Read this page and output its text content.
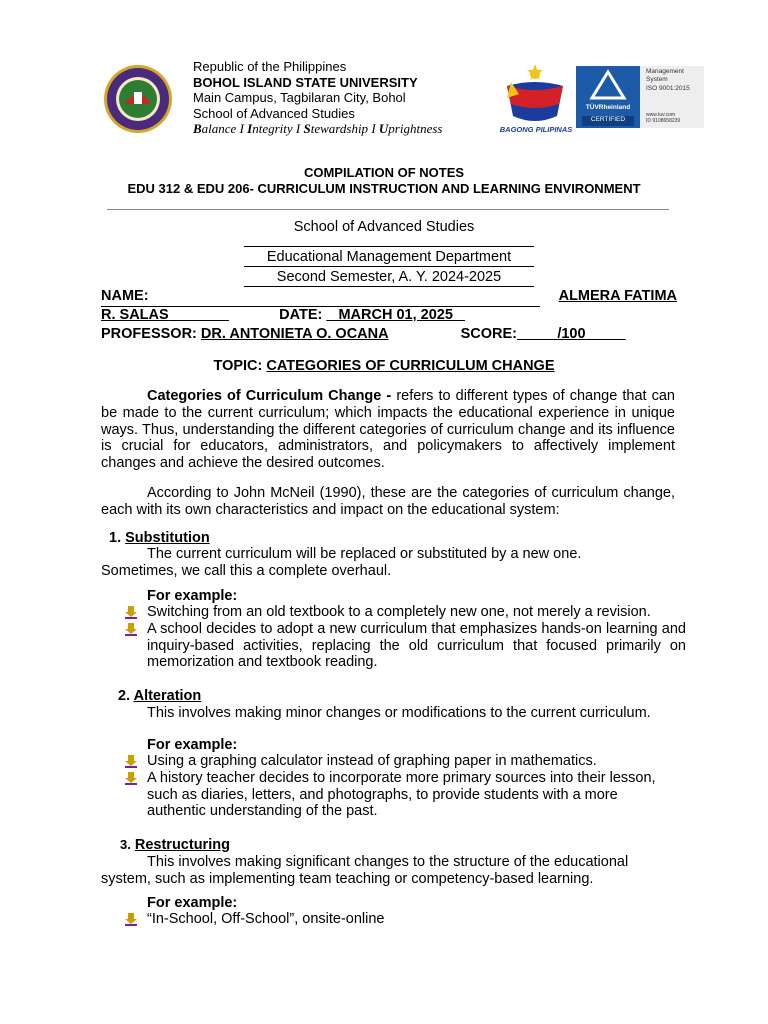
BAGONG PILIPINAS
TÜVRheinland
CERTIFIED
Management
System
ISO 9001:2015
www.tuv.com
ID 9108658239
Republic of the Philippines
BOHOL ISLAND STATE UNIVERSITY
Main Campus, Tagbilaran City, Bohol
School of Advanced Studies
Balance I Integrity I Stewardship I Uprightness
COMPILATION OF NOTES
EDU 312 & EDU 206- CURRICULUM INSTRUCTION AND LEARNING ENVIRONMENT
School of Advanced Studies
Educational Management Department
Second Semester, A. Y. 2024-2025
NAME:	ALMERA FATIMA
R. SALAS	DATE: MARCH 01, 2025
PROFESSOR: DR. ANTONIETA O. OCANA	SCORE:	/100
TOPIC: CATEGORIES OF CURRICULUM CHANGE
Categories of Curriculum Change - refers to different types of change that can be made to the current curriculum; which impacts the educational experience in unique ways. Thus, understanding the different categories of curriculum change and its influence is crucial for educators, administrators, and policymakers to affectively implement changes and achieve the desired outcomes.
According to John McNeil (1990), these are the categories of curriculum change, each with its own characteristics and impact on the educational system:
1. Substitution
The current curriculum will be replaced or substituted by a new one.
Sometimes, we call this a complete overhaul.
For example:
Switching from an old textbook to a completely new one, not merely a revision.
A school decides to adopt a new curriculum that emphasizes hands-on learning and inquiry-based activities, replacing the old curriculum that focused primarily on memorization and textbook reading.
2. Alteration
This involves making minor changes or modifications to the current curriculum.
For example:
Using a graphing calculator instead of graphing paper in mathematics.
A history teacher decides to incorporate more primary sources into their lesson, such as diaries, letters, and photographs, to provide students with a more authentic understanding of the past.
3. Restructuring
This involves making significant changes to the structure of the educational
system, such as implementing team teaching or competency-based learning.
For example:
“In-School, Off-School”, onsite-online
